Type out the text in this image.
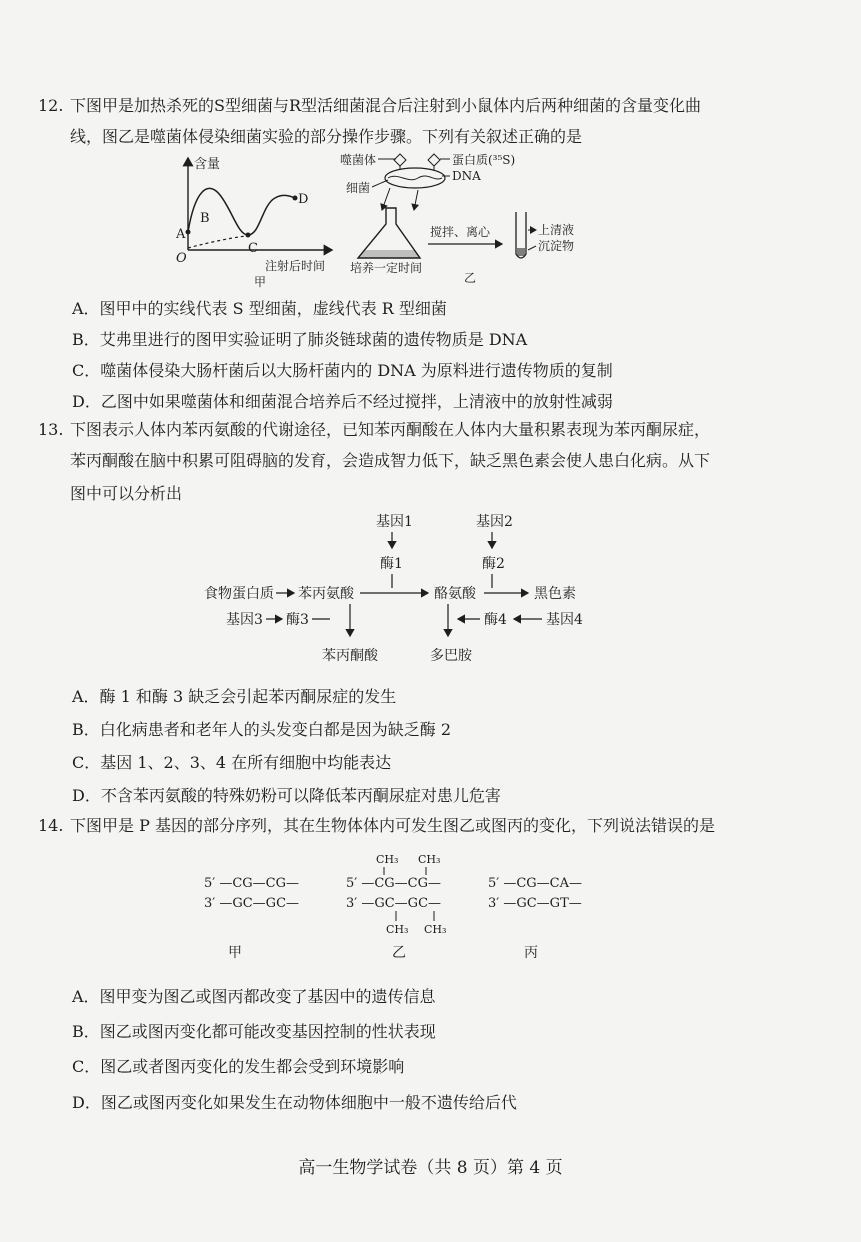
12. 下图甲是加热杀死的S型细菌与R型活细菌混合后注射到小鼠体内后两种细菌的含量变化曲
线，图乙是噬菌体侵染细菌实验的部分操作步骤。下列有关叙述正确的是
含量
O	注射后时间
甲
A
B
C
D
噬菌体
细菌
蛋白质(³⁵S)
DNA
培养一定时间
搅拌、离心	上清液
沉淀物
乙
A．图甲中的实线代表 S 型细菌，虚线代表 R 型细菌
B．艾弗里进行的图甲实验证明了肺炎链球菌的遗传物质是 DNA
C．噬菌体侵染大肠杆菌后以大肠杆菌内的 DNA 为原料进行遗传物质的复制
D．乙图中如果噬菌体和细菌混合培养后不经过搅拌，上清液中的放射性减弱
13. 下图表示人体内苯丙氨酸的代谢途径，已知苯丙酮酸在人体内大量积累表现为苯丙酮尿症，
苯丙酮酸在脑中积累可阻碍脑的发育，会造成智力低下，缺乏黑色素会使人患白化病。从下
图中可以分析出
基因1	基因2
酶1	酶2
食物蛋白质 苯丙氨酸	酪氨酸	黑色素
基因3 酶3	酶4	基因4
苯丙酮酸	多巴胺
A．酶 1 和酶 3 缺乏会引起苯丙酮尿症的发生
B．白化病患者和老年人的头发变白都是因为缺乏酶 2
C．基因 1、2、3、4 在所有细胞中均能表达
D．不含苯丙氨酸的特殊奶粉可以降低苯丙酮尿症对患儿危害
14. 下图甲是 P 基因的部分序列，其在生物体体内可发生图乙或图丙的变化，下列说法错误的是
5′ —CG—CG—
3′ —GC—GC—
甲
CH₃ CH₃
5′ —CG—CG—
3′ —GC—GC—
CH₃ CH₃
乙
5′ —CG—CA—
3′ —GC—GT—
丙
A．图甲变为图乙或图丙都改变了基因中的遗传信息
B．图乙或图丙变化都可能改变基因控制的性状表现
C．图乙或者图丙变化的发生都会受到环境影响
D．图乙或图丙变化如果发生在动物体细胞中一般不遗传给后代
高一生物学试卷（共 8 页）第 4 页
